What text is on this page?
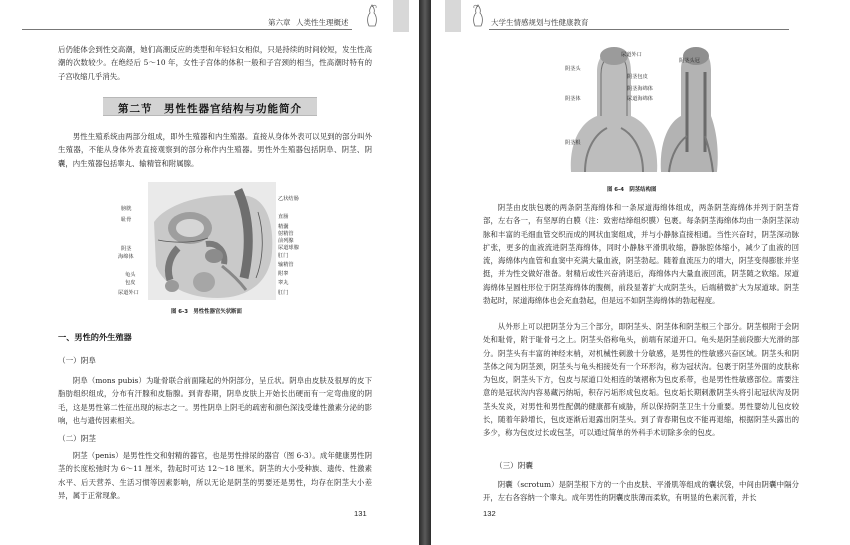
第六章 人类性生理概述

后仍能体会到性交高潮，她们高潮反应的类型和年轻妇女相似，只是持续的时间较短，发生性高潮的次数较少。在绝经后 5～10 年，女性子宫体的体积一般和子宫颈的相当，性高潮时特有的子宫收缩几乎消失。

第二节　男性性器官结构与功能简介

男性生殖系统由两部分组成，即外生殖器和内生殖器。直接从身体外表可以见到的部分叫外生殖器，不能从身体外表直接观察到的部分称作内生殖器。男性外生殖器包括阴阜、阴茎、阴囊，内生殖器包括睾丸、输精管和附属腺。

膀胱
耻骨
阴茎
海绵体
龟头
包皮
尿道外口
乙状结肠
直肠
精囊
射精管
前列腺
尿道球腺
肛门
输精管
附睾
睾丸
肛门
图 6-3　男性性器官矢状断面
一、男性的外生殖器
（一）阴阜

阴阜（mons pubis）为耻骨联合前面隆起的外阴部分，呈丘状。阴阜由皮肤及很厚的皮下脂肪组织组成，分布有汗腺和皮脂腺。到青春期，阴阜皮肤上开始长出硬而有一定弯曲度的阴毛，这是男性第二性征出现的标志之一。男性阴阜上阴毛的疏密和颜色深浅受雄性激素分泌的影响，也与遗传因素相关。

（二）阴茎

阴茎（penis）是男性性交和射精的器官，也是男性排尿的器官（图 6-3）。成年健康男性阴茎的长度松弛时为 6～11 厘米，勃起时可达 12～18 厘米。阴茎的大小受种族、遗传、性激素水平、后天营养、生活习惯等因素影响，所以无论是阴茎的男要还是男性，均存在阴茎大小差异，属于正常现象。

131
大学生情感规划与性健康教育
阴茎头
阴茎体
阴茎根
尿道外口
阴茎包皮
阴茎海绵体
尿道海绵体
阴茎头冠
图 6-4　阴茎结构图

阴茎由皮肤包裹的两条阴茎海绵体和一条尿道海绵体组成，两条阴茎海绵体并列于阴茎背部，左右各一，有坚厚的白膜（注：致密结缔组织膜）包裹。每条阴茎海绵体均由一条阴茎深动脉和丰富的毛细血管交织而成的网状血窦组成，并与小静脉直接相通。当性兴奋时，阴茎深动脉扩张，更多的血液流进阴茎海绵体，同时小静脉平滑肌收缩，静脉腔体缩小，减少了血液的回流，海绵体内血管和血窦中充满大量血液，阴茎勃起。随着血流压力的增大，阴茎变得膨胀并坚挺，并为性交做好准备。射精后或性兴奋消退后，海绵体内大量血液回流，阴茎随之软缩。尿道海绵体呈圆柱形位于阴茎海绵体的腹侧，前段显著扩大成阴茎头，后端稍微扩大为尿道球。阴茎勃起时，尿道海绵体也会充血勃起，但是远不如阴茎海绵体的勃起程度。

从外形上可以把阴茎分为三个部分，即阴茎头、阴茎体和阴茎根三个部分。阴茎根附于会阴处和耻骨，附于耻骨弓之上。阴茎头俗称龟头，前端有尿道开口。龟头是阴茎前段膨大光滑的部分。阴茎头有丰富的神经末梢，对机械性刺激十分敏感，是男性的性敏感兴奋区域。阴茎头和阴茎体之间为阴茎颈，阴茎头与龟头相接处有一个环形沟，称为冠状沟。包裹于阴茎外面的皮肤称为包皮，阴茎头下方，包皮与尿道口处相连的皱褶称为包皮系带，也是男性性敏感部位。需要注意的是冠状沟内容易藏污纳垢，积存污垢形成包皮垢。包皮垢长期刺激阴茎头将引起冠状沟及阴茎头发炎，对男性和男性配偶的健康都有威胁，所以保持阴茎卫生十分重要。男性婴幼儿包皮较长，随着年龄增长，包皮逐渐后退露出阴茎头。到了青春期包皮不能再退缩，根据阴茎头露出的多少，称为包皮过长或包茎，可以通过简单的外科手术切除多余的包皮。

（三）阴囊

阴囊（scrotum）是阴茎根下方的一个由皮肤、平滑肌等组成的囊状袋，中间由阴囊中隔分开，左右各容纳一个睾丸。成年男性的阴囊皮肤薄而柔软，有明显的色素沉着，并长

132
